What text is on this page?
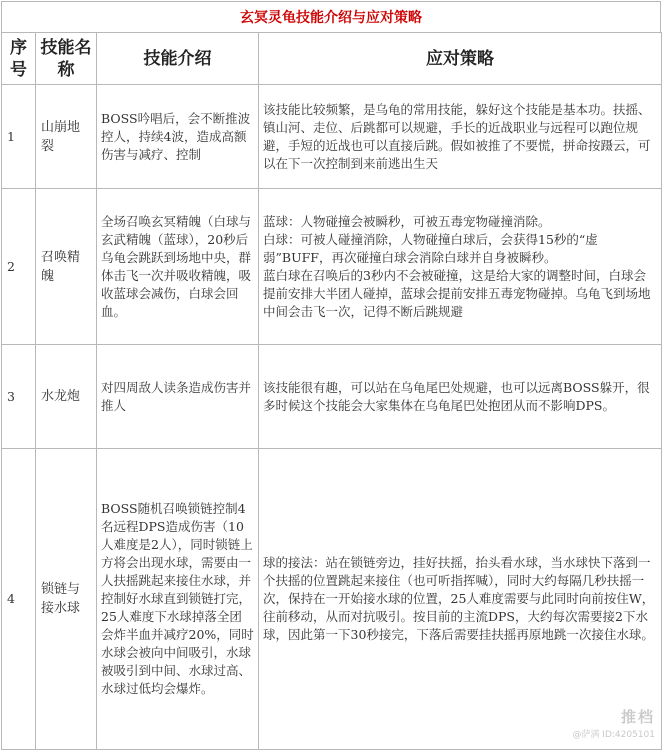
玄冥灵龟技能介绍与应对策略
序号	技能名称	技能介绍	应对策略
1	山崩地裂	BOSS吟唱后，会不断推波控人，持续4波，造成高额伤害与减疗、控制	该技能比较频繁，是乌龟的常用技能，躲好这个技能是基本功。扶摇、镇山河、走位、后跳都可以规避，手长的近战职业与远程可以跑位规避，手短的近战也可以直接后跳。假如被推了不要慌，拼命按蹑云，可以在下一次控制到来前逃出生天

2	召唤精魄	全场召唤玄冥精魄（白球与玄武精魄（蓝球），20秒后乌龟会跳跃到场地中央，群体击飞一次并吸收精魄，吸收蓝球会减伤，白球会回血。	蓝球：人物碰撞会被瞬秒，可被五毒宠物碰撞消除。
白球：可被人碰撞消除，人物碰撞白球后，会获得15秒的“虚弱”BUFF，再次碰撞白球会消除白球并自身被瞬秒。
蓝白球在召唤后的3秒内不会被碰撞，这是给大家的调整时间，白球会提前安排大半团人碰掉，蓝球会提前安排五毒宠物碰掉。乌龟飞到场地中间会击飞一次，记得不断后跳规避

3	水龙炮	对四周敌人读条造成伤害并推人	该技能很有趣，可以站在乌龟尾巴处规避，也可以远离BOSS躲开，很多时候这个技能会大家集体在乌龟尾巴处抱团从而不影响DPS。

4	锁链与接水球	BOSS随机召唤锁链控制4名远程DPS造成伤害（10人难度是2人），同时锁链上方将会出现水球，需要由一人扶摇跳起来接住水球，并控制好水球直到锁链打完，25人难度下水球掉落全团会炸半血并减疗20%，同时水球会被向中间吸引，水球被吸引到中间、水球过高、水球过低均会爆炸。	球的接法：站在锁链旁边，挂好扶摇，抬头看水球，当水球快下落到一个扶摇的位置跳起来接住（也可听指挥喊），同时大约每隔几秒扶摇一次，保持在一开始接水球的位置，25人难度需要与此同时向前按住W，往前移动，从而对抗吸引。按目前的主流DPS，大约每次需要接2下水球，因此第一下30秒接完，下落后需要挂扶摇再原地跳一次接住水球。
推档
@萨满 ID:4205101
